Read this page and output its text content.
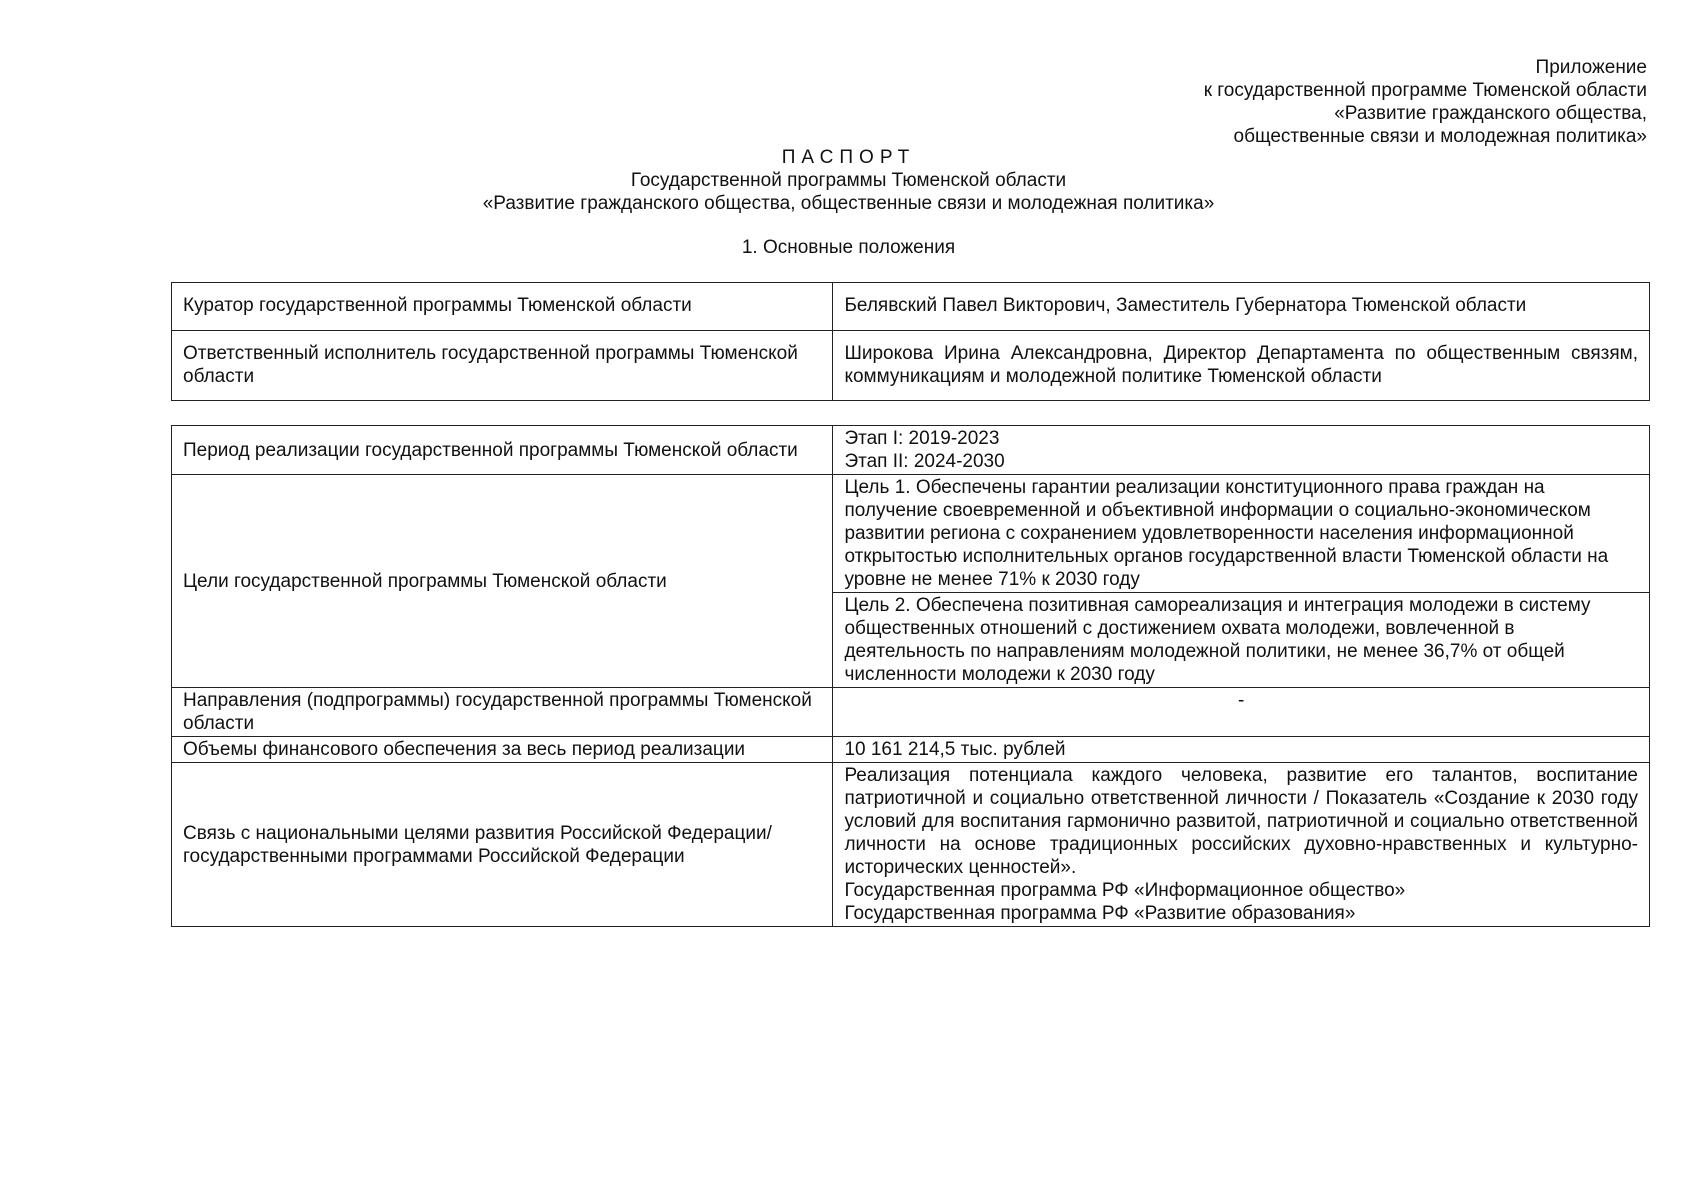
Приложение
к государственной программе Тюменской области
«Развитие гражданского общества,
общественные связи и молодежная политика»
ПАСПОРТ
Государственной программы Тюменской области
«Развитие гражданского общества, общественные связи и молодежная политика»
1. Основные положения
Куратор государственной программы Тюменской области	Белявский Павел Викторович, Заместитель Губернатора Тюменской области
Ответственный исполнитель государственной программы Тюменской области	Широкова Ирина Александровна, Директор Департамента по общественным связям, коммуникациям и молодежной политике Тюменской области
Период реализации государственной программы Тюменской области	Этап I: 2019-2023
Этап II: 2024-2030

Цели государственной программы Тюменской области	Цель 1. Обеспечены гарантии реализации конституционного права граждан на получение своевременной и объективной информации о социально-экономическом развитии региона с сохранением удовлетворенности населения информационной открытостью исполнительных органов государственной власти Тюменской области на уровне не менее 71% к 2030 году
	Цель 2. Обеспечена позитивная самореализация и интеграция молодежи в систему общественных отношений с достижением охвата молодежи, вовлеченной в деятельность по направлениям молодежной политики, не менее 36,7% от общей численности молодежи к 2030 году
Направления (подпрограммы) государственной программы Тюменской области	-
Объемы финансового обеспечения за весь период реализации	10 161 214,5 тыс. рублей
Связь с национальными целями развития Российской Федерации/ государственными программами Российской Федерации	Реализация потенциала каждого человека, развитие его талантов, воспитание патриотичной и социально ответственной личности / Показатель «Создание к 2030 году условий для воспитания гармонично развитой, патриотичной и социально ответственной личности на основе традиционных российских духовно-нравственных и культурно-исторических ценностей».
Государственная программа РФ «Информационное общество»
Государственная программа РФ «Развитие образования»
